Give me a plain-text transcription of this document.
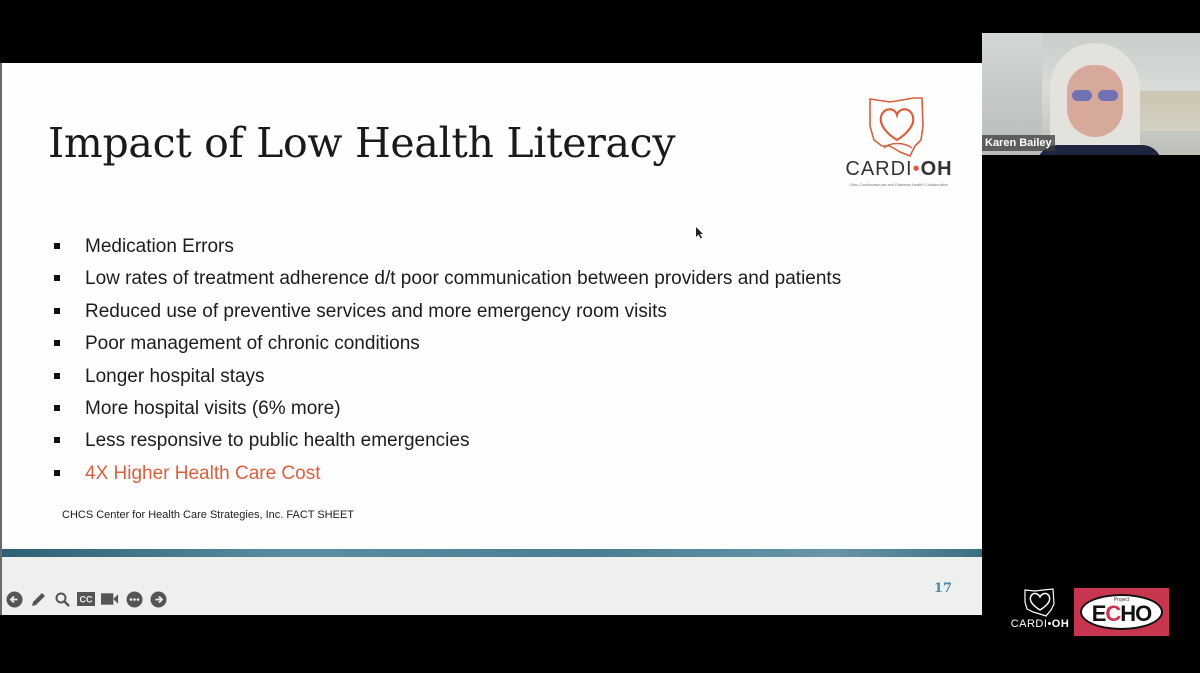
Impact of Low Health Literacy
CARDI•OH
Ohio Cardiovascular and Diabetes Health Collaborative
Medication Errors
Low rates of treatment adherence d/t poor communication between providers and patients
Reduced use of preventive services and more emergency room visits
Poor management of chronic conditions
Longer hospital stays
More hospital visits (6% more)
Less responsive to public health emergencies
4X Higher Health Care Cost
CHCS Center for Health Care Strategies, Inc. FACT SHEET
17
CC
Karen Bailey
CARDI•OH
Project
ECHO
